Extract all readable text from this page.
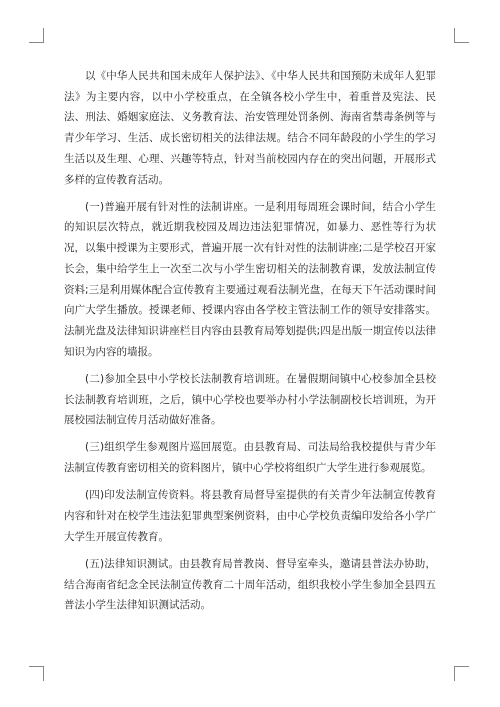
以《中华人民共和国未成年人保护法》、《中华人民共和国预防未成年人犯罪法》为主要内容，以中小学校重点，在全镇各校小学生中，着重普及宪法、民法、刑法、婚姻家庭法、义务教育法、治安管理处罚条例、海南省禁毒条例等与青少年学习、生活、成长密切相关的法律法规。结合不同年龄段的小学生的学习生活以及生理、心理、兴趣等特点，针对当前校园内存在的突出问题，开展形式多样的宣传教育活动。

(一)普遍开展有针对性的法制讲座。一是利用每周班会课时间，结合小学生的知识层次特点，就近期我校园及周边违法犯罪情况，如暴力、恶性等行为状况，以集中授课为主要形式，普遍开展一次有针对性的法制讲座;二是学校召开家长会，集中给学生上一次至二次与小学生密切相关的法制教育课，发放法制宣传资料;三是利用媒体配合宣传教育主要通过观看法制光盘，在每天下午活动课时间向广大学生播放。授课老师、授课内容由各学校主管法制工作的领导安排落实。法制光盘及法律知识讲座栏目内容由县教育局筹划提供;四是出版一期宣传以法律知识为内容的墙报。

(二)参加全县中小学校长法制教育培训班。在暑假期间镇中心校参加全县校长法制教育培训班，之后，镇中心学校也要举办村小学法制副校长培训班，为开展校园法制宣传月活动做好准备。

(三)组织学生参观图片巡回展览。由县教育局、司法局给我校提供与青少年法制宣传教育密切相关的资料图片，镇中心学校将组织广大学生进行参观展览。

(四)印发法制宣传资料。将县教育局督导室提供的有关青少年法制宣传教育内容和针对在校学生违法犯罪典型案例资料，由中心学校负责编印发给各小学广大学生开展宣传教育。

(五)法律知识测试。由县教育局普教岗、督导室牵头，邀请县普法办协助，结合海南省纪念全民法制宣传教育二十周年活动，组织我校小学生参加全县四五普法小学生法律知识测试活动。
